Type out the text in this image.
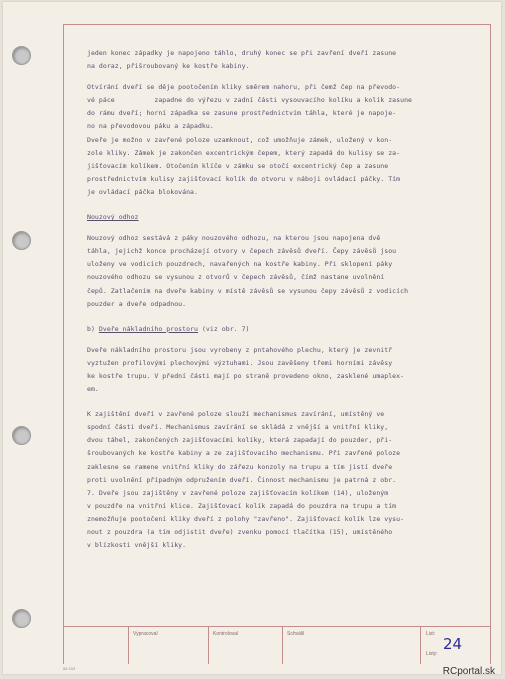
jeden konec západky je napojeno táhlo, druhý konec se při zavření dveří zasune

na doraz, přišroubovaný ke kostře kabiny.

Otvírání dveří se děje pootočením kliky směrem nahoru, při čemž čep na převodo-

vé páce          zapadne do výřezu v zadní části vysouvacího kolíku a kolík zasune

do rámu dveří; horní západka se zasune prostřednictvím táhla, které je napoje-

no na převodovou páku a západku.

Dveře je možno v zavřené poloze uzamknout, což umožňuje zámek, uložený v kon-

zole kliky. Zámek je zakončen excentrickým čepem, který zapadá do kulisy se za-

jišťovacím kolíkem. Otočením klíče v zámku se otočí excentrický čep a zasune

prostřednictvím kulisy zajišťovací kolík do otvoru v náboji ovládací páčky. Tím

je ovládací páčka blokována.

Nouzový odhoz

Nouzový odhoz sestává z páky nouzového odhozu, na kterou jsou napojena dvě

táhla, jejichž konce procházejí otvory v čepech závěsů dveří. Čepy závěsů jsou

uloženy ve vodicích pouzdrech, navařených na kostře kabiny. Při sklopení páky

nouzového odhozu se vysunou z otvorů v čepech závěsů, čímž nastane uvolnění

čepů. Zatlačením na dveře kabiny v místě závěsů se vysunou čepy závěsů z vodicích

pouzder a dveře odpadnou.

b) Dveře nákladního prostoru (viz obr. 7)

Dveře nákladního prostoru jsou vyrobeny z pntahového plechu, který je zevnitř

vyztužen profilovými plechovými výztuhami. Jsou zavěšeny třemi horními závěsy

ke kostře trupu. V přední části mají po straně provedeno okno, zasklené umaplex-

em.

K zajištění dveří v zavřené poloze slouží mechanismus zavírání, umístěný ve

spodní části dveří. Mechanismus zavírání se skládá z vnější a vnitřní kliky,

dvou táhel, zakončených zajišťovacími kolíky, která zapadají do pouzder, při-

šroubovaných ke kostře kabiny a ze zajišťovacího mechanismu. Při zavřené poloze

zaklesne se ramene vnitřní kliky do zářezu konzoly na trupu a tím jistí dveře

proti uvolnění případným odpružením dveří. Činnost mechanismu je patrná z obr.

7. Dveře jsou zajištěny v zavřené poloze zajišťovacím kolíkem (14), uloženým

v pouzdře na vnitřní klice. Zajišťovací kolík zapadá do pouzdra na trupu a tím

znemožňuje pootočení kliky dveří z polohy "zavřeno". Zajišťovací kolík lze vysu-

nout z pouzdra (a tím odjistit dveře) zvenku pomocí tlačítka (15), umístěného

v blízkosti vnější kliky.

Vypracoval	Kontroloval	Schválil	List:
Listy:
24
66 153	RCportal.sk
